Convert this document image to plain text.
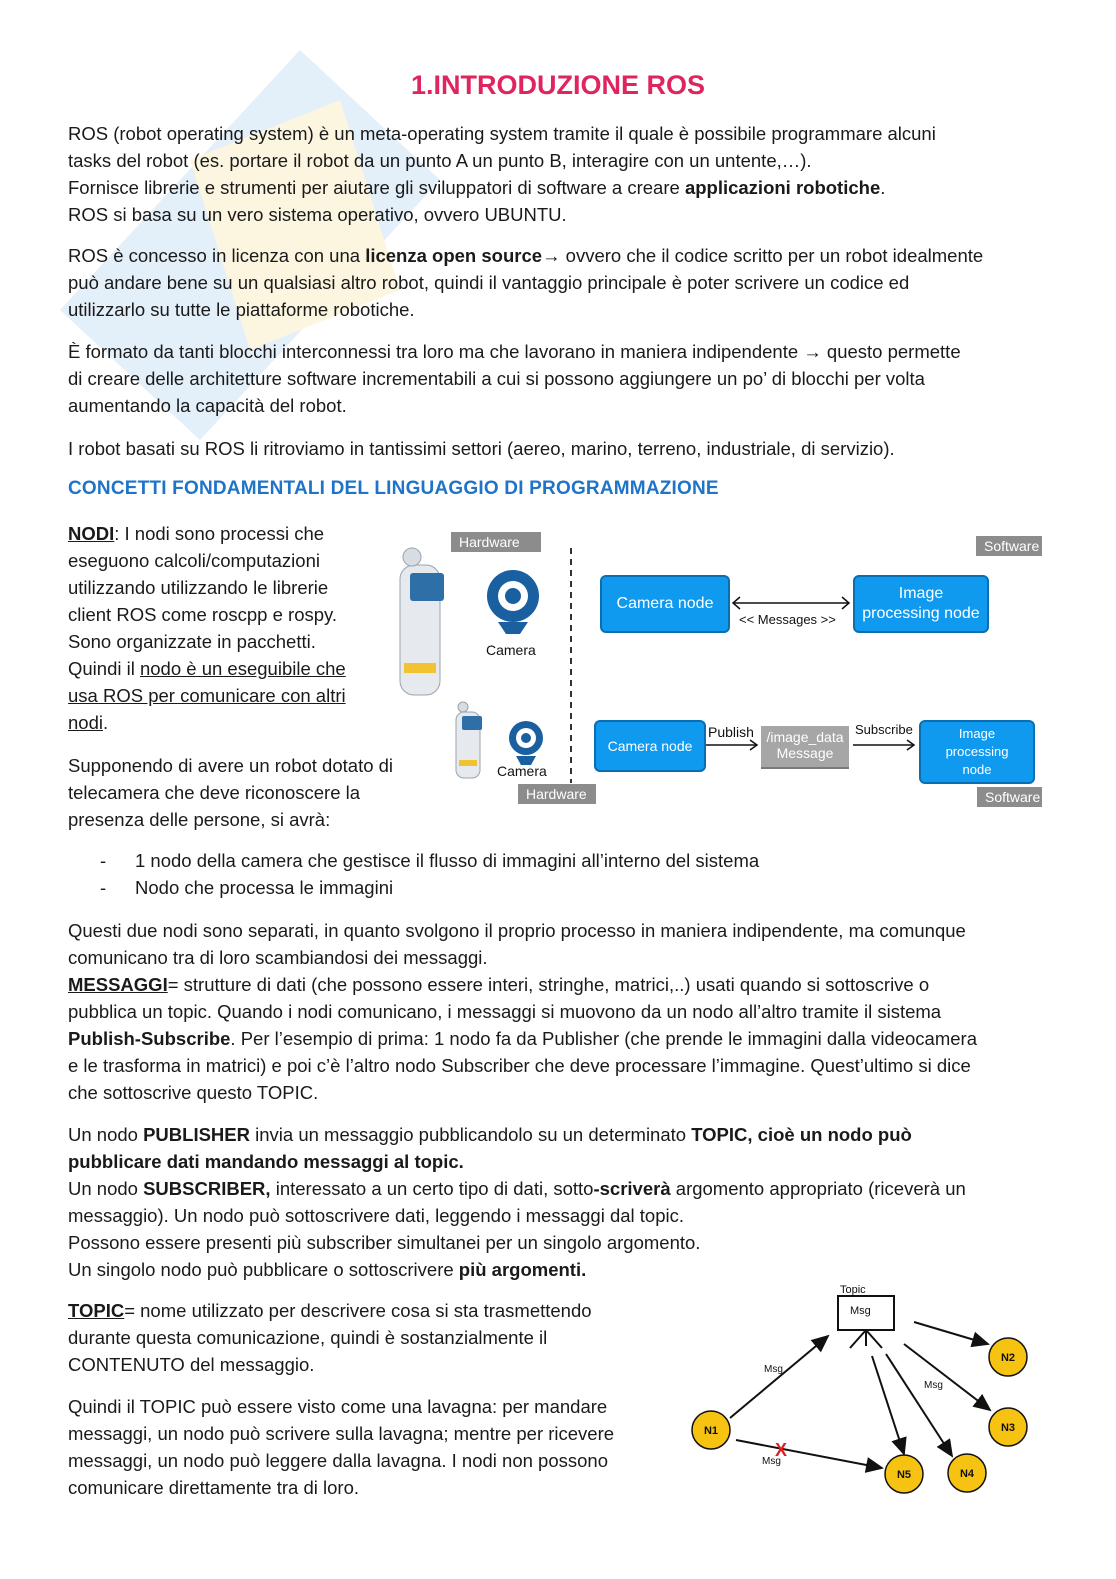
1.INTRODUZIONE ROS
ROS (robot operating system) è un meta-operating system tramite il quale è possibile programmare alcuni
tasks del robot (es. portare il robot da un punto A un punto B, interagire con un untente,…).
Fornisce librerie e strumenti per aiutare gli sviluppatori di software a creare applicazioni robotiche.
ROS si basa su un vero sistema operativo, ovvero UBUNTU.
ROS è concesso in licenza con una licenza open source→ ovvero che il codice scritto per un robot idealmente
può andare bene su un qualsiasi altro robot, quindi il vantaggio principale è poter scrivere un codice ed
utilizzarlo su tutte le piattaforme robotiche.
È formato da tanti blocchi interconnessi tra loro ma che lavorano in maniera indipendente → questo permette
di creare delle architetture software incrementabili a cui si possono aggiungere un po’ di blocchi per volta
aumentando la capacità del robot.
I robot basati su ROS li ritroviamo in tantissimi settori (aereo, marino, terreno, industriale, di servizio).
CONCETTI FONDAMENTALI DEL LINGUAGGIO DI PROGRAMMAZIONE
NODI: I nodi sono processi che
eseguono calcoli/computazioni
utilizzando utilizzando le librerie
client ROS come roscpp e rospy.
Sono organizzate in pacchetti.
Quindi il nodo è un eseguibile che
usa ROS per comunicare con altri
nodi.
Supponendo di avere un robot dotato di
telecamera che deve riconoscere la
presenza delle persone, si avrà:
Hardware
Camera
Software
Camera node
<< Messages >>
Image
processing node
Camera
Hardware
Camera node
Publish /image_data
Message
Subscribe	Image
processing
node
Software
- 1 nodo della camera che gestisce il flusso di immagini all’interno del sistema
- Nodo che processa le immagini
Questi due nodi sono separati, in quanto svolgono il proprio processo in maniera indipendente, ma comunque
comunicano tra di loro scambiandosi dei messaggi.
MESSAGGI= strutture di dati (che possono essere interi, stringhe, matrici,..) usati quando si sottoscrive o
pubblica un topic. Quando i nodi comunicano, i messaggi si muovono da un nodo all’altro tramite il sistema
Publish-Subscribe. Per l’esempio di prima: 1 nodo fa da Publisher (che prende le immagini dalla videocamera
e le trasforma in matrici) e poi c’è l’altro nodo Subscriber che deve processare l’immagine. Quest’ultimo si dice
che sottoscrive questo TOPIC.
Un nodo PUBLISHER invia un messaggio pubblicandolo su un determinato TOPIC, cioè un nodo può
pubblicare dati mandando messaggi al topic.
Un nodo SUBSCRIBER, interessato a un certo tipo di dati, sotto-scriverà argomento appropriato (riceverà un
messaggio). Un nodo può sottoscrivere dati, leggendo i messaggi dal topic.
Possono essere presenti più subscriber simultanei per un singolo argomento.
Un singolo nodo può pubblicare o sottoscrivere più argomenti.
TOPIC= nome utilizzato per descrivere cosa si sta trasmettendo
durante questa comunicazione, quindi è sostanzialmente il
CONTENUTO del messaggio.
Quindi il TOPIC può essere visto come una lavagna: per mandare
messaggi, un nodo può scrivere sulla lavagna; mentre per ricevere
messaggi, un nodo può leggere dalla lavagna. I nodi non possono
comunicare direttamente tra di loro.
Topic
Msg
Msg
Msg
Msg
X
N1
N2
N3
N4
N5
